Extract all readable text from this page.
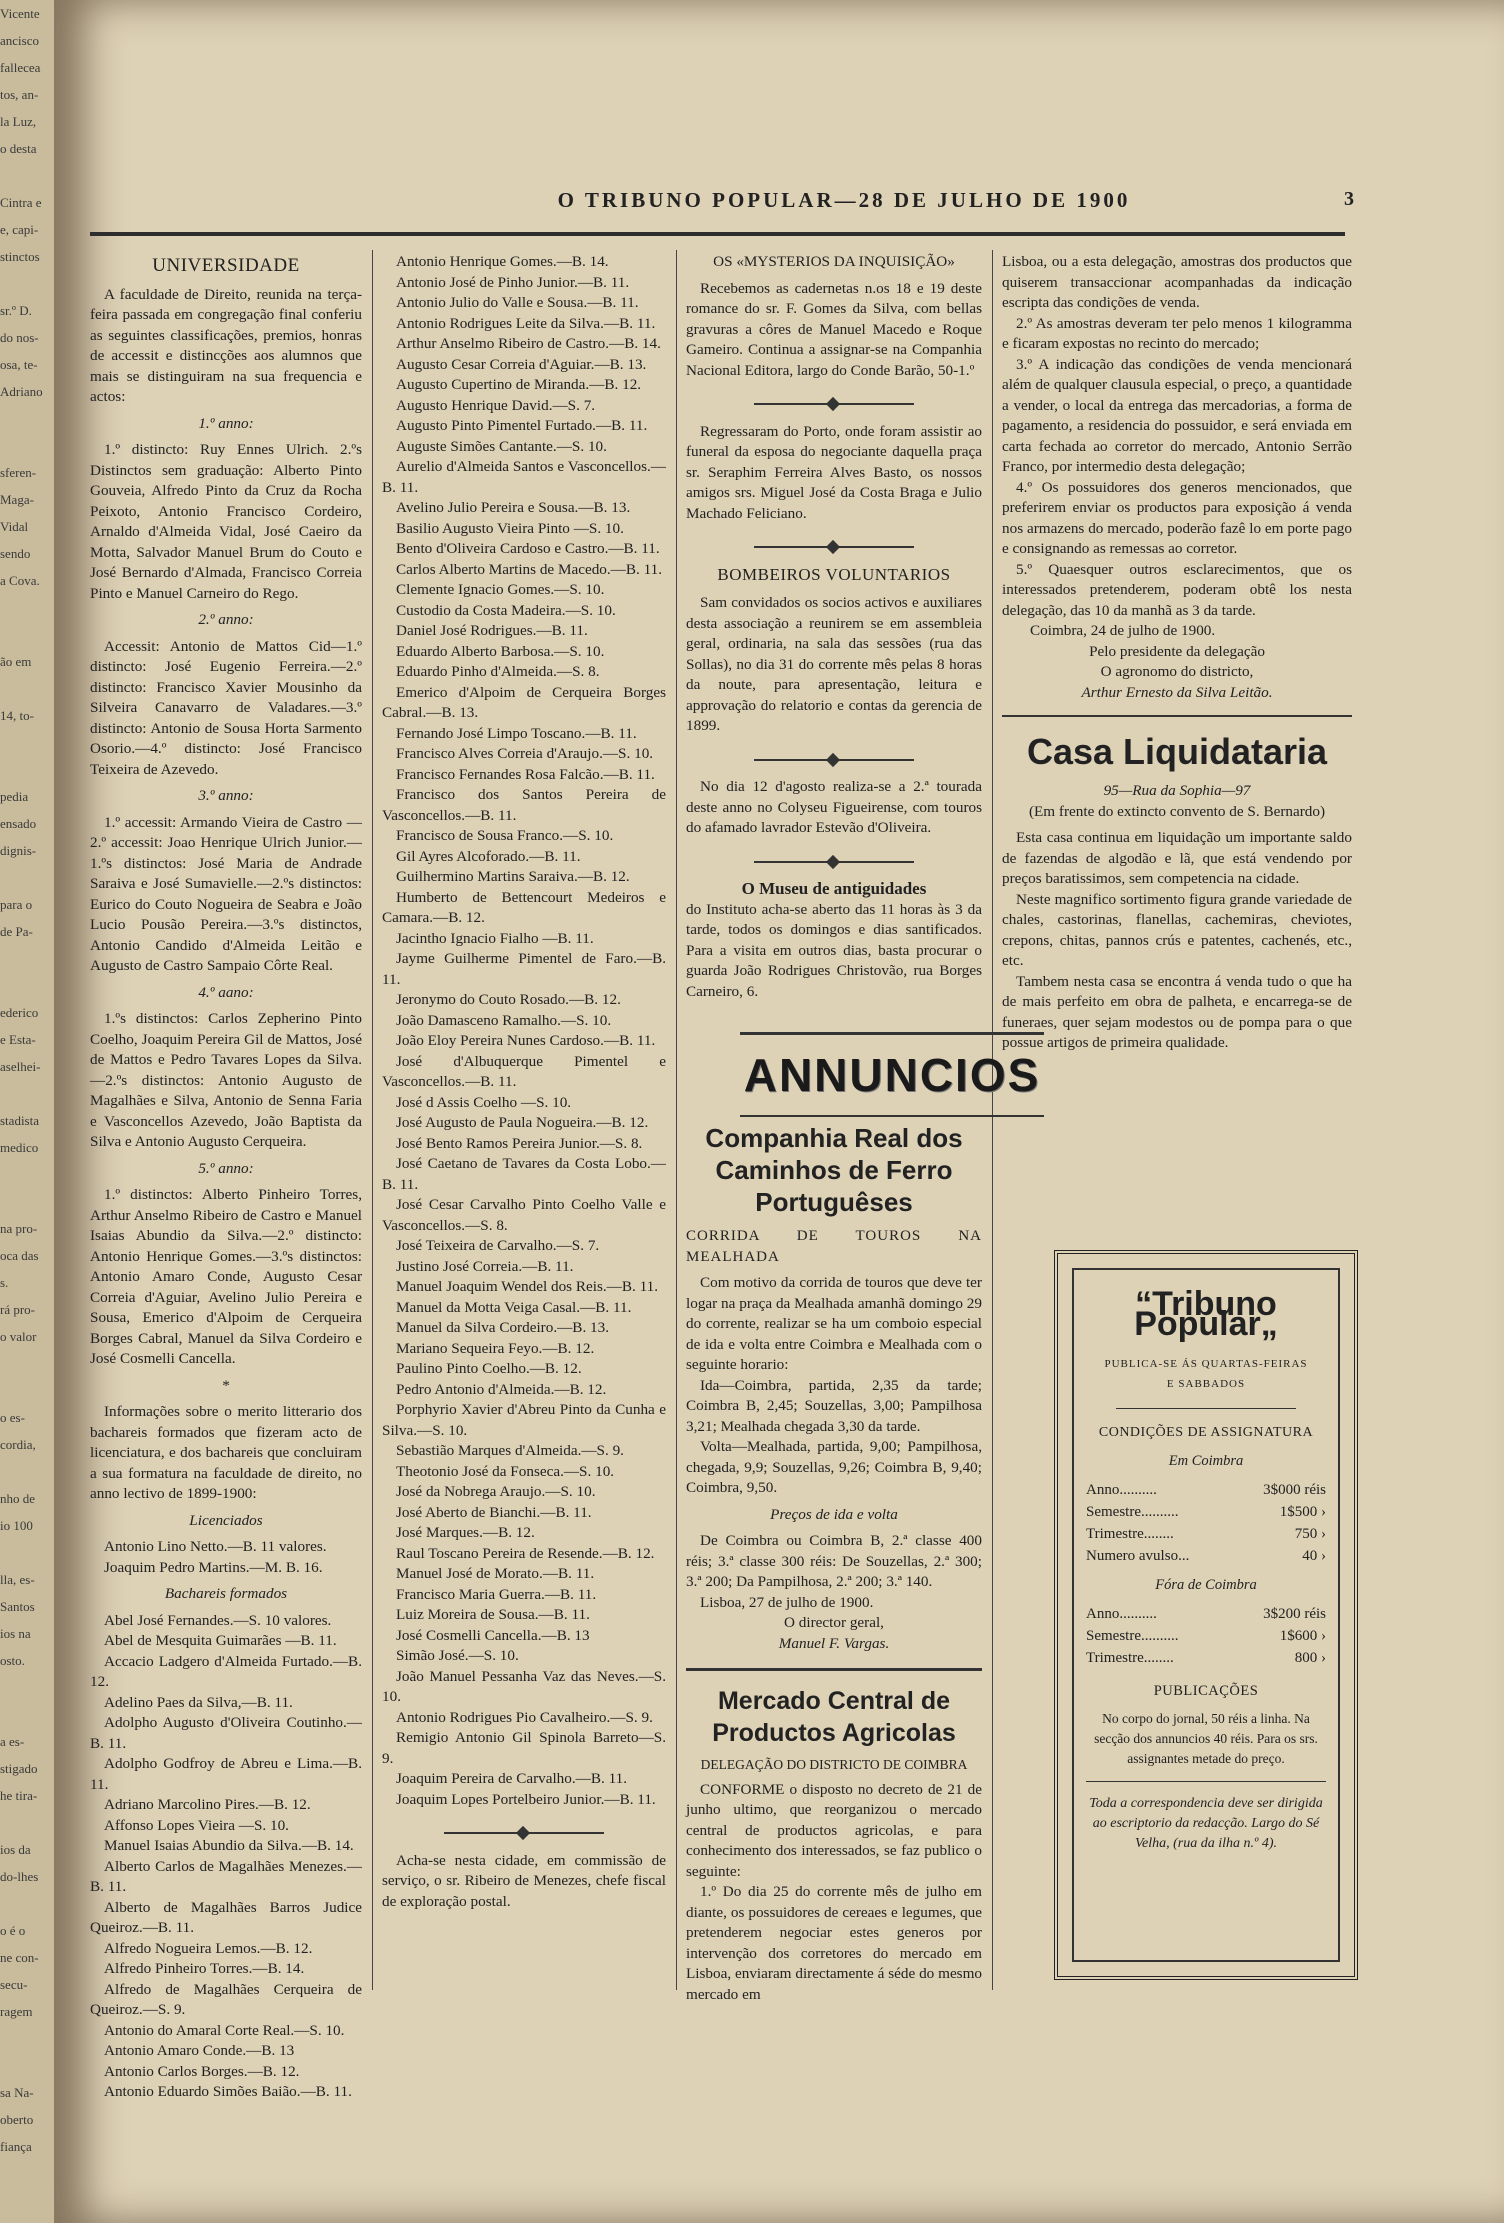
Vicente
ancisco
fallecea
tos, an-
la Luz,
o desta

Cintra e
e, capi-
stinctos

sr.º D.
do nos-
osa, te-
Adriano

sferen-
Maga-
Vidal
sendo
a Cova.

ão em

14, to-

pedia
ensado
dignis-

para o
de Pa-

ederico
e Esta-
aselhei-

stadista
medico

na pro-
oca das
s.
rá pro-
o valor

o es-
cordia,

nho de
io 100

lla, es-
Santos
ios na
osto.

a es-
stigado
he tira-

ios da
do-lhes

o é o
ne con-
secu-
ragem

sa Na-
oberto
fiança
O TRIBUNO POPULAR—28 DE JULHO DE 1900	3

UNIVERSIDADE

A faculdade de Direito, reunida na terça-feira passada em congregação final conferiu as seguintes classificações, premios, honras de accessit e distincções aos alumnos que mais se distinguiram na sua frequencia e actos:

1.º anno:

1.º distincto: Ruy Ennes Ulrich. 2.ºs Distinctos sem graduação: Alberto Pinto Gouveia, Alfredo Pinto da Cruz da Rocha Peixoto, Antonio Francisco Cordeiro, Arnaldo d'Almeida Vidal, José Caeiro da Motta, Salvador Manuel Brum do Couto e José Bernardo d'Almada, Francisco Correia Pinto e Manuel Carneiro do Rego.

2.º anno:

Accessit: Antonio de Mattos Cid—1.º distincto: José Eugenio Ferreira.—2.º distincto: Francisco Xavier Mousinho da Silveira Canavarro de Valadares.—3.º distincto: Antonio de Sousa Horta Sarmento Osorio.—4.º distincto: José Francisco Teixeira de Azevedo.

3.º anno:

1.º accessit: Armando Vieira de Castro —2.º accessit: Joao Henrique Ulrich Junior.—1.ºs distinctos: José Maria de Andrade Saraiva e José Sumavielle.—2.ºs distinctos: Eurico do Couto Nogueira de Seabra e João Lucio Pousão Pereira.—3.ºs distinctos, Antonio Candido d'Almeida Leitão e Augusto de Castro Sampaio Côrte Real.

4.º aano:

1.ºs distinctos: Carlos Zepherino Pinto Coelho, Joaquim Pereira Gil de Mattos, José de Mattos e Pedro Tavares Lopes da Silva.—2.ºs distinctos: Antonio Augusto de Magalhães e Silva, Antonio de Senna Faria e Vasconcellos Azevedo, João Baptista da Silva e Antonio Augusto Cerqueira.

5.º anno:

1.º distinctos: Alberto Pinheiro Torres, Arthur Anselmo Ribeiro de Castro e Manuel Isaias Abundio da Silva.—2.º distincto: Antonio Henrique Gomes.—3.ºs distinctos: Antonio Amaro Conde, Augusto Cesar Correia d'Aguiar, Avelino Julio Pereira e Sousa, Emerico d'Alpoim de Cerqueira Borges Cabral, Manuel da Silva Cordeiro e José Cosmelli Cancella.

*

Informações sobre o merito litterario dos bachareis formados que fizeram acto de licenciatura, e dos bachareis que concluiram a sua formatura na faculdade de direito, no anno lectivo de 1899-1900:

Licenciados

Antonio Lino Netto.—B. 11 valores.

Joaquim Pedro Martins.—M. B. 16.

Bachareis formados

Abel José Fernandes.—S. 10 valores.

Abel de Mesquita Guimarães —B. 11.

Accacio Ladgero d'Almeida Furtado.—B. 12.

Adelino Paes da Silva,—B. 11.

Adolpho Augusto d'Oliveira Coutinho.—B. 11.

Adolpho Godfroy de Abreu e Lima.—B. 11.

Adriano Marcolino Pires.—B. 12.

Affonso Lopes Vieira —S. 10.

Manuel Isaias Abundio da Silva.—B. 14.

Alberto Carlos de Magalhães Menezes.—B. 11.

Alberto de Magalhães Barros Judice Queiroz.—B. 11.

Alfredo Nogueira Lemos.—B. 12.

Alfredo Pinheiro Torres.—B. 14.

Alfredo de Magalhães Cerqueira de Queiroz.—S. 9.

Antonio do Amaral Corte Real.—S. 10.

Antonio Amaro Conde.—B. 13

Antonio Carlos Borges.—B. 12.

Antonio Eduardo Simões Baião.—B. 11.

Antonio Henrique Gomes.—B. 14.

Antonio José de Pinho Junior.—B. 11.

Antonio Julio do Valle e Sousa.—B. 11.

Antonio Rodrigues Leite da Silva.—B. 11.

Arthur Anselmo Ribeiro de Castro.—B. 14.

Augusto Cesar Correia d'Aguiar.—B. 13.

Augusto Cupertino de Miranda.—B. 12.

Augusto Henrique David.—S. 7.

Augusto Pinto Pimentel Furtado.—B. 11.

Auguste Simões Cantante.—S. 10.

Aurelio d'Almeida Santos e Vasconcellos.—B. 11.

Avelino Julio Pereira e Sousa.—B. 13.

Basilio Augusto Vieira Pinto —S. 10.

Bento d'Oliveira Cardoso e Castro.—B. 11.

Carlos Alberto Martins de Macedo.—B. 11.

Clemente Ignacio Gomes.—S. 10.

Custodio da Costa Madeira.—S. 10.

Daniel José Rodrigues.—B. 11.

Eduardo Alberto Barbosa.—S. 10.

Eduardo Pinho d'Almeida.—S. 8.

Emerico d'Alpoim de Cerqueira Borges Cabral.—B. 13.

Fernando José Limpo Toscano.—B. 11.

Francisco Alves Correia d'Araujo.—S. 10.

Francisco Fernandes Rosa Falcão.—B. 11.

Francisco dos Santos Pereira de Vasconcellos.—B. 11.

Francisco de Sousa Franco.—S. 10.

Gil Ayres Alcoforado.—B. 11.

Guilhermino Martins Saraiva.—B. 12.

Humberto de Bettencourt Medeiros e Camara.—B. 12.

Jacintho Ignacio Fialho —B. 11.

Jayme Guilherme Pimentel de Faro.—B. 11.

Jeronymo do Couto Rosado.—B. 12.

João Damasceno Ramalho.—S. 10.

João Eloy Pereira Nunes Cardoso.—B. 11.

José d'Albuquerque Pimentel e Vasconcellos.—B. 11.

José d Assis Coelho —S. 10.

José Augusto de Paula Nogueira.—B. 12.

José Bento Ramos Pereira Junior.—S. 8.

José Caetano de Tavares da Costa Lobo.—B. 11.

José Cesar Carvalho Pinto Coelho Valle e Vasconcellos.—S. 8.

José Teixeira de Carvalho.—S. 7.

Justino José Correia.—B. 11.

Manuel Joaquim Wendel dos Reis.—B. 11.

Manuel da Motta Veiga Casal.—B. 11.

Manuel da Silva Cordeiro.—B. 13.

Mariano Sequeira Feyo.—B. 12.

Paulino Pinto Coelho.—B. 12.

Pedro Antonio d'Almeida.—B. 12.

Porphyrio Xavier d'Abreu Pinto da Cunha e Silva.—S. 10.

Sebastião Marques d'Almeida.—S. 9.

Theotonio José da Fonseca.—S. 10.

José da Nobrega Araujo.—S. 10.

José Aberto de Bianchi.—B. 11.

José Marques.—B. 12.

Raul Toscano Pereira de Resende.—B. 12.

Manuel José de Morato.—B. 11.

Francisco Maria Guerra.—B. 11.

Luiz Moreira de Sousa.—B. 11.

José Cosmelli Cancella.—B. 13

Simão José.—S. 10.

João Manuel Pessanha Vaz das Neves.—S. 10.

Antonio Rodrigues Pio Cavalheiro.—S. 9.

Remigio Antonio Gil Spinola Barreto—S. 9.

Joaquim Pereira de Carvalho.—B. 11.

Joaquim Lopes Portelbeiro Junior.—B. 11.

Acha-se nesta cidade, em commissão de serviço, o sr. Ribeiro de Menezes, chefe fiscal de exploração postal.

OS «MYSTERIOS DA INQUISIÇÃO»

Recebemos as cadernetas n.os 18 e 19 deste romance do sr. F. Gomes da Silva, com bellas gravuras a côres de Manuel Macedo e Roque Gameiro. Continua a assignar-se na Companhia Nacional Editora, largo do Conde Barão, 50-1.º

Regressaram do Porto, onde foram assistir ao funeral da esposa do negociante daquella praça sr. Seraphim Ferreira Alves Basto, os nossos amigos srs. Miguel José da Costa Braga e Julio Machado Feliciano.

BOMBEIROS VOLUNTARIOS

Sam convidados os socios activos e auxiliares desta associação a reunirem se em assembleia geral, ordinaria, na sala das sessões (rua das Sollas), no dia 31 do corrente mês pelas 8 horas da noute, para apresentação, leitura e approvação do relatorio e contas da gerencia de 1899.

No dia 12 d'agosto realiza-se a 2.ª tourada deste anno no Colyseu Figueirense, com touros do afamado lavrador Estevão d'Oliveira.

O Museu de antiguidades

do Instituto acha-se aberto das 11 horas às 3 da tarde, todos os domingos e dias santificados. Para a visita em outros dias, basta procurar o guarda João Rodrigues Christovão, rua Borges Carneiro, 6.

ANNUNCIOS

Companhia Real dos Caminhos de Ferro Portuguêses

CORRIDA DE TOUROS NA MEALHADA

Com motivo da corrida de touros que deve ter logar na praça da Mealhada amanhã domingo 29 do corrente, realizar se ha um comboio especial de ida e volta entre Coimbra e Mealhada com o seguinte horario:

Ida—Coimbra, partida, 2,35 da tarde; Coimbra B, 2,45; Souzellas, 3,00; Pampilhosa 3,21; Mealhada chegada 3,30 da tarde.

Volta—Mealhada, partida, 9,00; Pampilhosa, chegada, 9,9; Souzellas, 9,26; Coimbra B, 9,40; Coimbra, 9,50.

Preços de ida e volta

De Coimbra ou Coimbra B, 2.ª classe 400 réis; 3.ª classe 300 réis: De Souzellas, 2.ª 300; 3.ª 200; Da Pampilhosa, 2.ª 200; 3.ª 140.

Lisboa, 27 de julho de 1900.

O director geral,

Manuel F. Vargas.

Mercado Central de Productos Agricolas

DELEGAÇÃO DO DISTRICTO DE COIMBRA

CONFORME o disposto no decreto de 21 de junho ultimo, que reorganizou o mercado central de productos agricolas, e para conhecimento dos interessados, se faz publico o seguinte:

1.º Do dia 25 do corrente mês de julho em diante, os possuidores de cereaes e legumes, que pretenderem negociar estes generos por intervenção dos corretores do mercado em Lisboa, enviaram directamente á séde do mesmo mercado em

Lisboa, ou a esta delegação, amostras dos productos que quiserem transaccionar acompanhadas da indicação escripta das condições de venda.

2.º As amostras deveram ter pelo menos 1 kilogramma e ficaram expostas no recinto do mercado;

3.º A indicação das condições de venda mencionará além de qualquer clausula especial, o preço, a quantidade a vender, o local da entrega das mercadorias, a forma de pagamento, a residencia do possuidor, e será enviada em carta fechada ao corretor do mercado, Antonio Serrão Franco, por intermedio desta delegação;

4.º Os possuidores dos generos mencionados, que preferirem enviar os productos para exposição á venda nos armazens do mercado, poderão fazê lo em porte pago e consignando as remessas ao corretor.

5.º Quaesquer outros esclarecimentos, que os interessados pretenderem, poderam obtê los nesta delegação, das 10 da manhã as 3 da tarde.

Coimbra, 24 de julho de 1900.

Pelo presidente da delegação

O agronomo do districto,

Arthur Ernesto da Silva Leitão.

Casa Liquidataria

95—Rua da Sophia—97

(Em frente do extincto convento de S. Bernardo)

Esta casa continua em liquidação um importante saldo de fazendas de algodão e lã, que está vendendo por preços baratissimos, sem competencia na cidade.

Neste magnifico sortimento figura grande variedade de chales, castorinas, flanellas, cachemiras, cheviotes, crepons, chitas, pannos crús e patentes, cachenés, etc., etc.

Tambem nesta casa se encontra á venda tudo o que ha de mais perfeito em obra de palheta, e encarrega-se de funeraes, quer sejam modestos ou de pompa para o que possue artigos de primeira qualidade.

“Tribuno Popular„
PUBLICA-SE ÁS QUARTAS-FEIRAS
E SABBADOS
CONDIÇÕES DE ASSIGNATURA
Em Coimbra
Anno..........	3$000 réis
Semestre..........	1$500 ›
Trimestre........	750 ›
Numero avulso...	40 ›
Fóra de Coimbra
Anno..........	3$200 réis
Semestre..........	1$600 ›
Trimestre........	800 ›
PUBLICAÇÕES
No corpo do jornal, 50 réis a linha. Na secção dos annuncios 40 réis. Para os srs. assignantes metade do preço.
Toda a correspondencia deve ser dirigida ao escriptorio da redacção. Largo do Sé Velha, (rua da ilha n.º 4).
